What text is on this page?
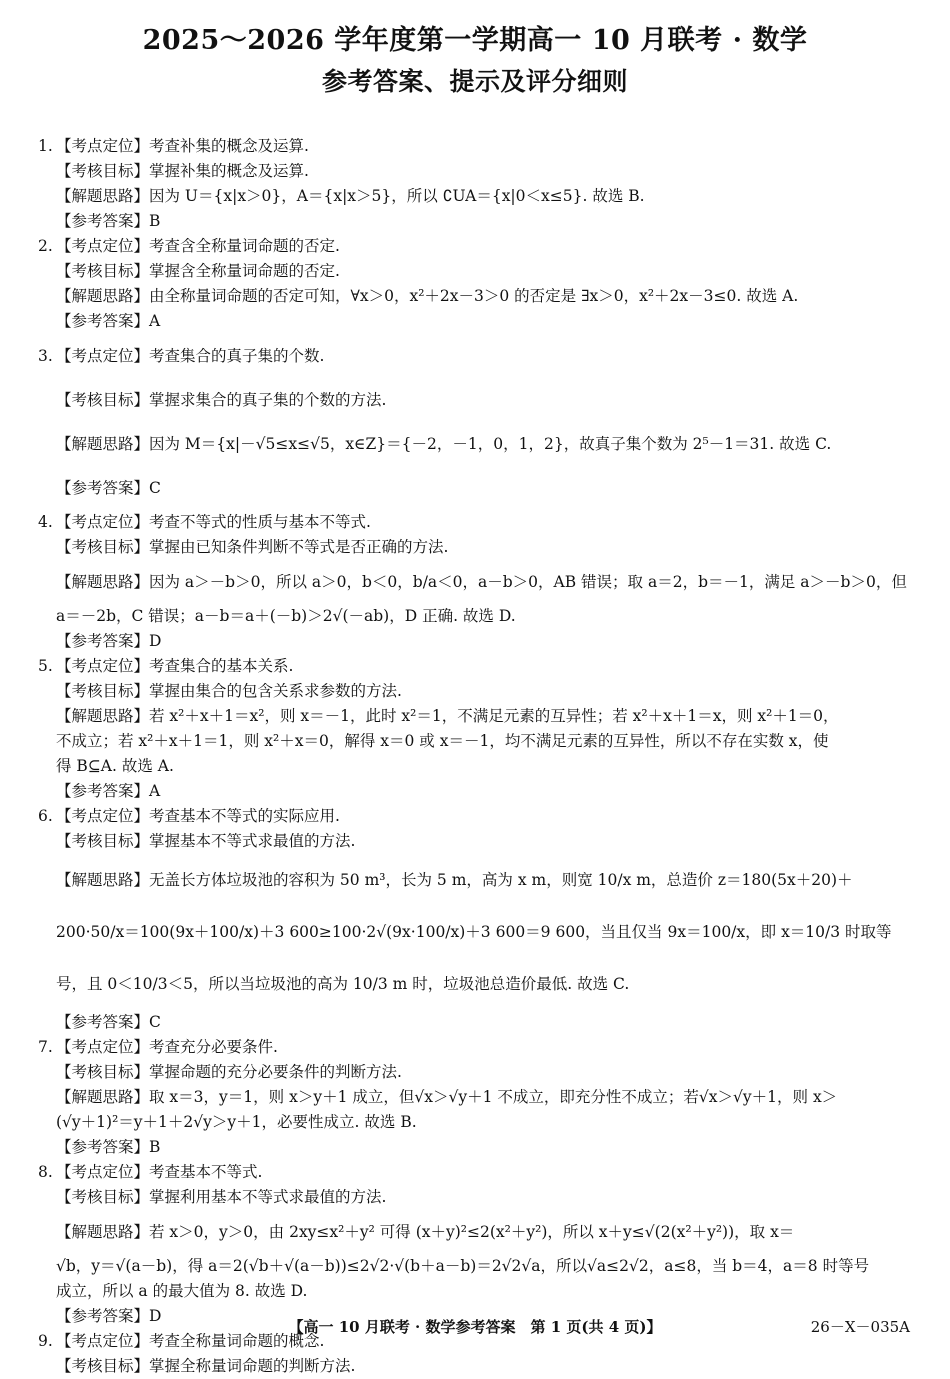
2025～2026 学年度第一学期高一 10 月联考 · 数学
参考答案、提示及评分细则
1. 【考点定位】考查补集的概念及运算.
【考核目标】掌握补集的概念及运算.
【解题思路】因为 U＝{x|x＞0}，A＝{x|x＞5}，所以 ∁UA＝{x|0＜x≤5}. 故选 B.
【参考答案】B
2. 【考点定位】考查含全称量词命题的否定.
【考核目标】掌握含全称量词命题的否定.
【解题思路】由全称量词命题的否定可知，∀x＞0，x²＋2x－3＞0 的否定是 ∃x＞0，x²＋2x－3≤0. 故选 A.
【参考答案】A
3. 【考点定位】考查集合的真子集的个数.
【考核目标】掌握求集合的真子集的个数的方法.
【解题思路】因为 M＝{x|－√5≤x≤√5，x∈Z}＝{－2，－1，0，1，2}，故真子集个数为 2⁵－1＝31. 故选 C.
【参考答案】C
4. 【考点定位】考查不等式的性质与基本不等式.
【考核目标】掌握由已知条件判断不等式是否正确的方法.
【解题思路】因为 a＞－b＞0，所以 a＞0，b＜0，b/a＜0，a－b＞0，AB 错误；取 a＝2，b＝－1，满足 a＞－b＞0，但
a＝－2b，C 错误；a－b＝a＋(－b)＞2√(－ab)，D 正确. 故选 D.
【参考答案】D
5. 【考点定位】考查集合的基本关系.
【考核目标】掌握由集合的包含关系求参数的方法.
【解题思路】若 x²＋x＋1＝x²，则 x＝－1，此时 x²＝1，不满足元素的互异性；若 x²＋x＋1＝x，则 x²＋1＝0，
不成立；若 x²＋x＋1＝1，则 x²＋x＝0，解得 x＝0 或 x＝－1，均不满足元素的互异性，所以不存在实数 x，使
得 B⊆A. 故选 A.
【参考答案】A
6. 【考点定位】考查基本不等式的实际应用.
【考核目标】掌握基本不等式求最值的方法.
【解题思路】无盖长方体垃圾池的容积为 50 m³，长为 5 m，高为 x m，则宽 10/x m，总造价 z＝180(5x＋20)＋
200·50/x＝100(9x＋100/x)＋3 600≥100·2√(9x·100/x)＋3 600＝9 600，当且仅当 9x＝100/x，即 x＝10/3 时取等
号，且 0＜10/3＜5，所以当垃圾池的高为 10/3 m 时，垃圾池总造价最低. 故选 C.
【参考答案】C
7. 【考点定位】考查充分必要条件.
【考核目标】掌握命题的充分必要条件的判断方法.
【解题思路】取 x＝3，y＝1，则 x＞y＋1 成立，但√x＞√y＋1 不成立，即充分性不成立；若√x＞√y＋1，则 x＞
(√y＋1)²＝y＋1＋2√y＞y＋1，必要性成立. 故选 B.
【参考答案】B
8. 【考点定位】考查基本不等式.
【考核目标】掌握利用基本不等式求最值的方法.
【解题思路】若 x＞0，y＞0，由 2xy≤x²＋y² 可得 (x＋y)²≤2(x²＋y²)，所以 x＋y≤√(2(x²＋y²))，取 x＝
√b，y＝√(a－b)，得 a＝2(√b＋√(a－b))≤2√2·√(b＋a－b)＝2√2√a，所以√a≤2√2，a≤8，当 b＝4，a＝8 时等号
成立，所以 a 的最大值为 8. 故选 D.
【参考答案】D
9. 【考点定位】考查全称量词命题的概念.
【考核目标】掌握全称量词命题的判断方法.
【高一 10 月联考 · 数学参考答案　第 1 页(共 4 页)】	26－X－035A
